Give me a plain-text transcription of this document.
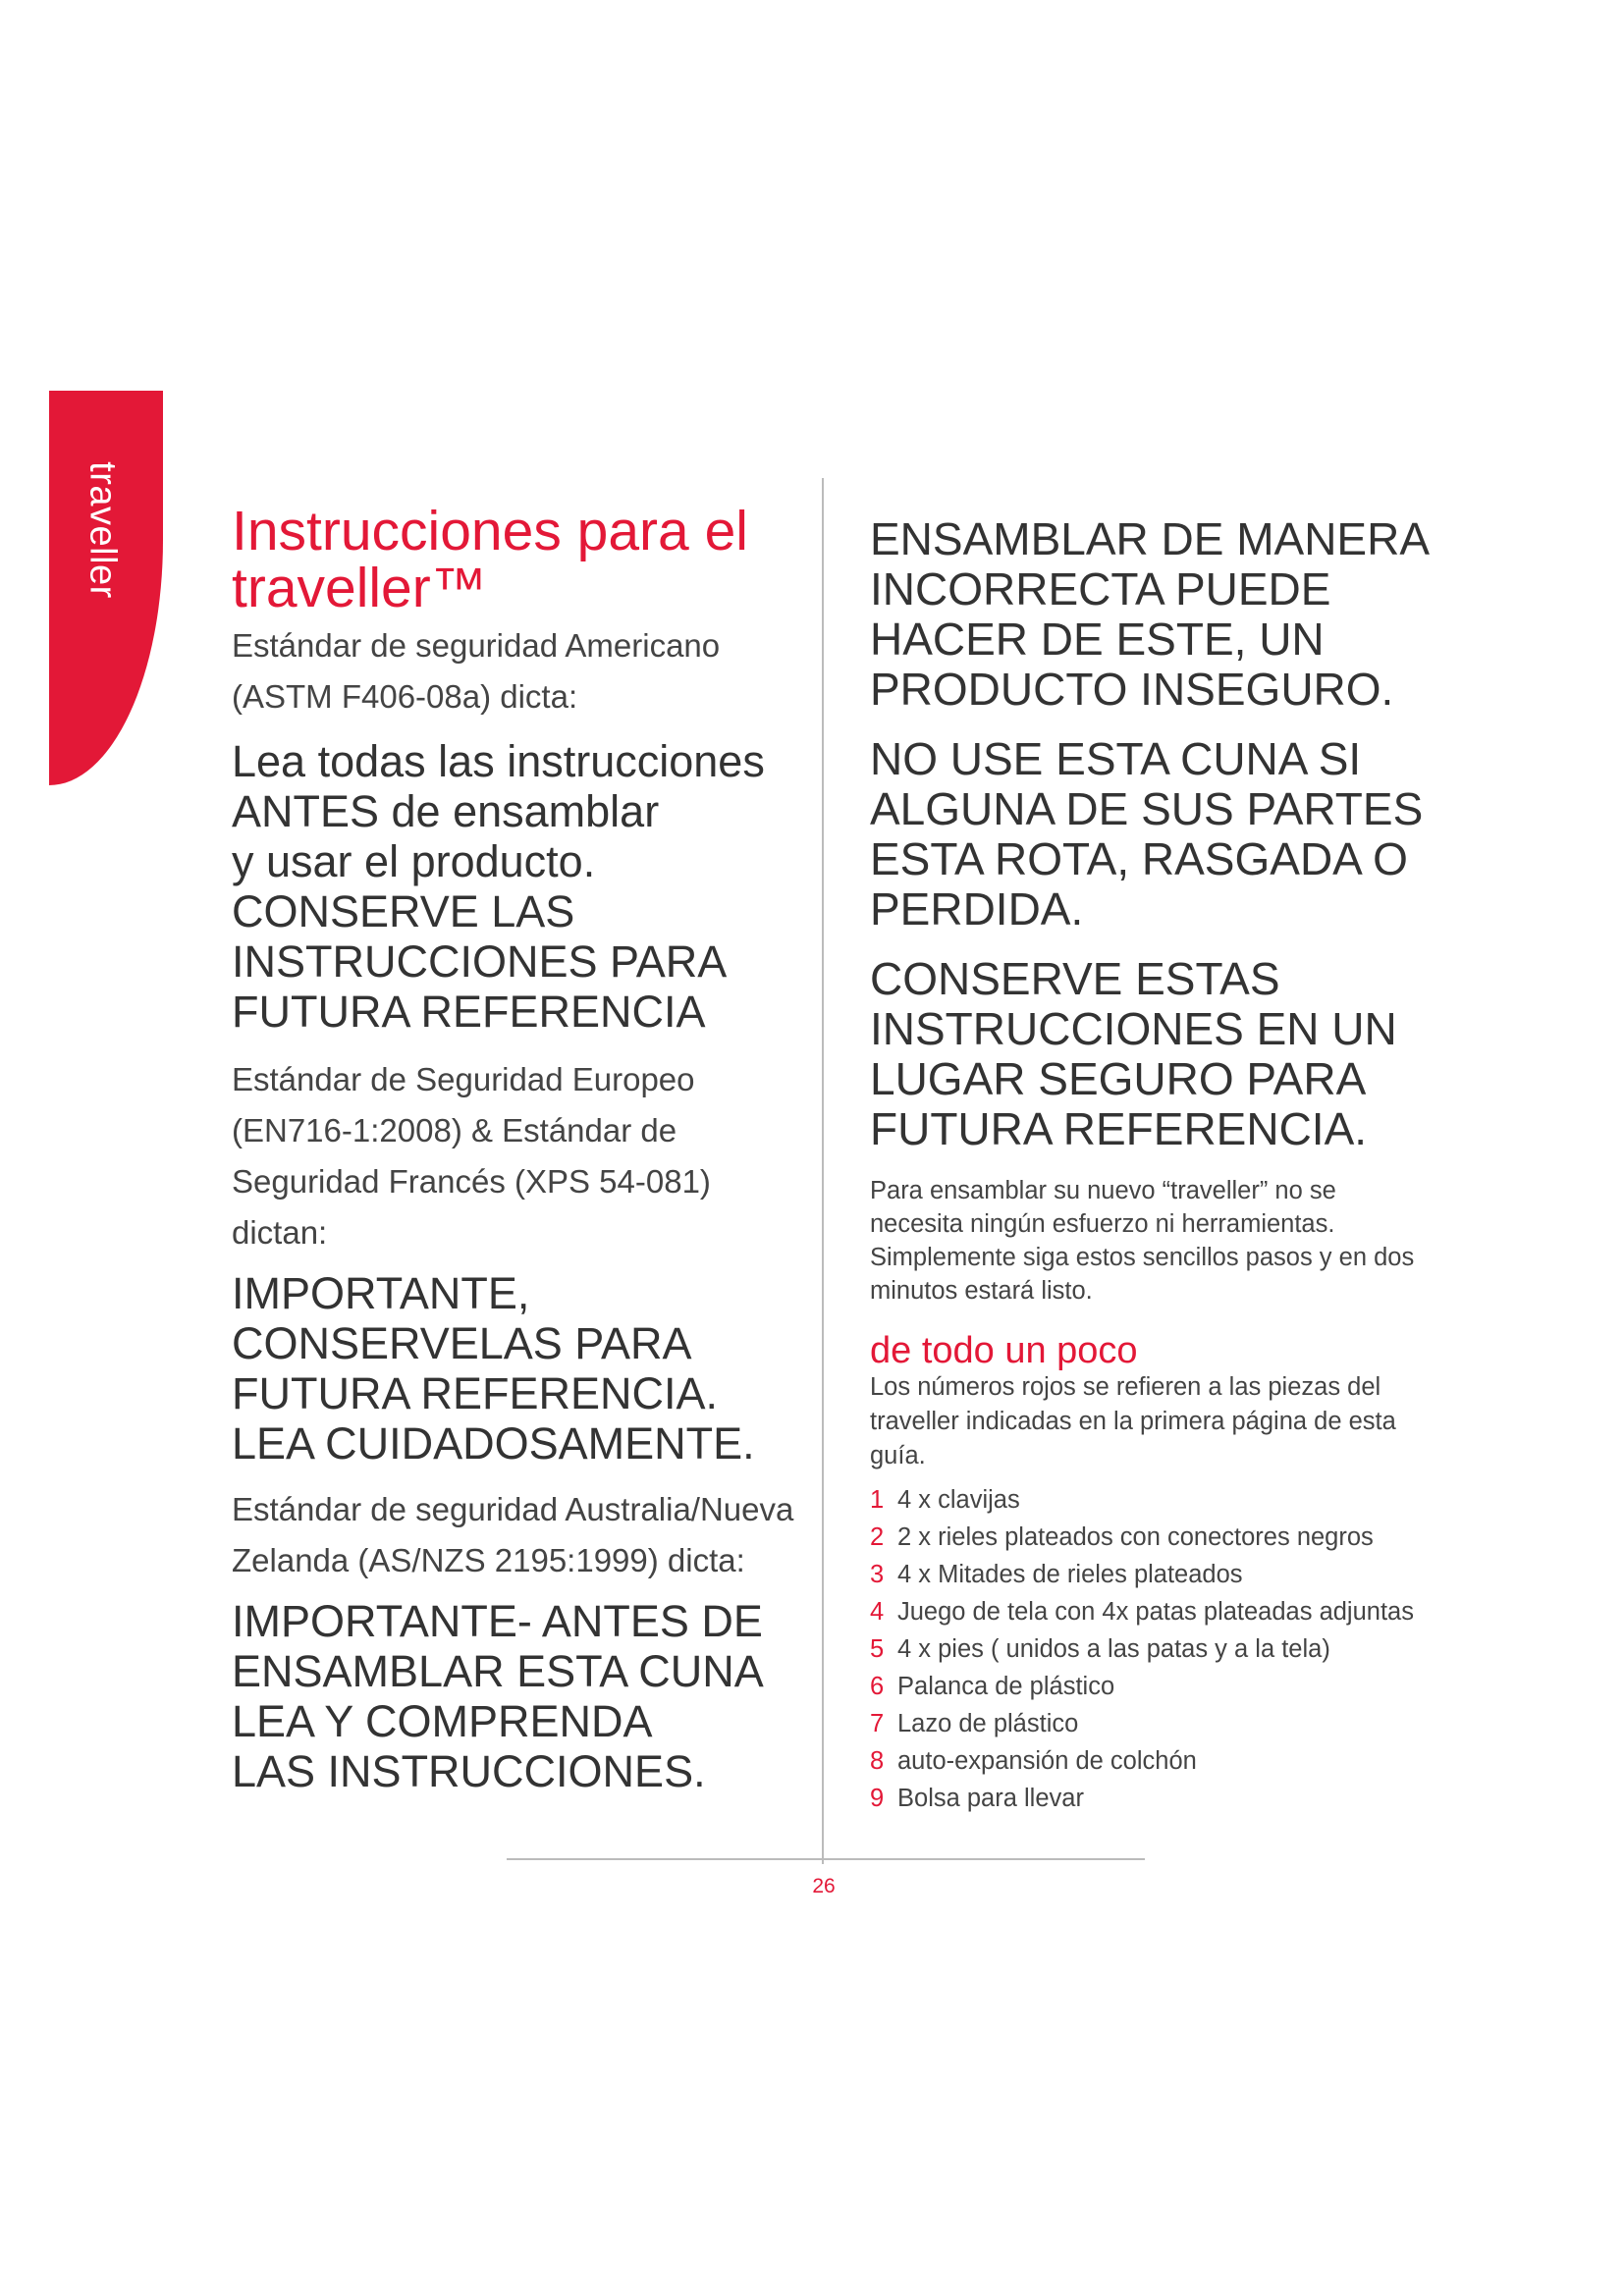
traveller Instrucciones para el
traveller™
Estándar de seguridad Americano
(ASTM F406-08a) dicta:
Lea todas las instrucciones
ANTES de ensamblar
y usar el producto.
CONSERVE LAS
INSTRUCCIONES PARA
FUTURA REFERENCIA
Estándar de Seguridad Europeo
(EN716-1:2008) & Estándar de
Seguridad Francés (XPS 54-081)
dictan:
IMPORTANTE,
CONSERVELAS PARA
FUTURA REFERENCIA.
LEA CUIDADOSAMENTE.
Estándar de seguridad Australia/Nueva
Zelanda (AS/NZS 2195:1999) dicta:
IMPORTANTE- ANTES DE
ENSAMBLAR ESTA CUNA
LEA Y COMPRENDA
LAS INSTRUCCIONES.
ENSAMBLAR DE MANERA
INCORRECTA PUEDE
HACER DE ESTE, UN
PRODUCTO INSEGURO.
NO USE ESTA CUNA SI
ALGUNA DE SUS PARTES
ESTA ROTA, RASGADA O
PERDIDA.
CONSERVE ESTAS
INSTRUCCIONES EN UN
LUGAR SEGURO PARA
FUTURA REFERENCIA.
Para ensamblar su nuevo “traveller” no se
necesita ningún esfuerzo ni herramientas.
Simplemente siga estos sencillos pasos y en dos
minutos estará listo.
de todo un poco
Los números rojos se refieren a las piezas del
traveller indicadas en la primera página de esta
guía.
1 4 x clavijas
2 2 x rieles plateados con conectores negros
3 4 x Mitades de rieles plateados
4 Juego de tela con 4x patas plateadas adjuntas
5 4 x pies ( unidos a las patas y a la tela)
6 Palanca de plástico
7 Lazo de plástico
8 auto-expansión de colchón
9 Bolsa para llevar
26
